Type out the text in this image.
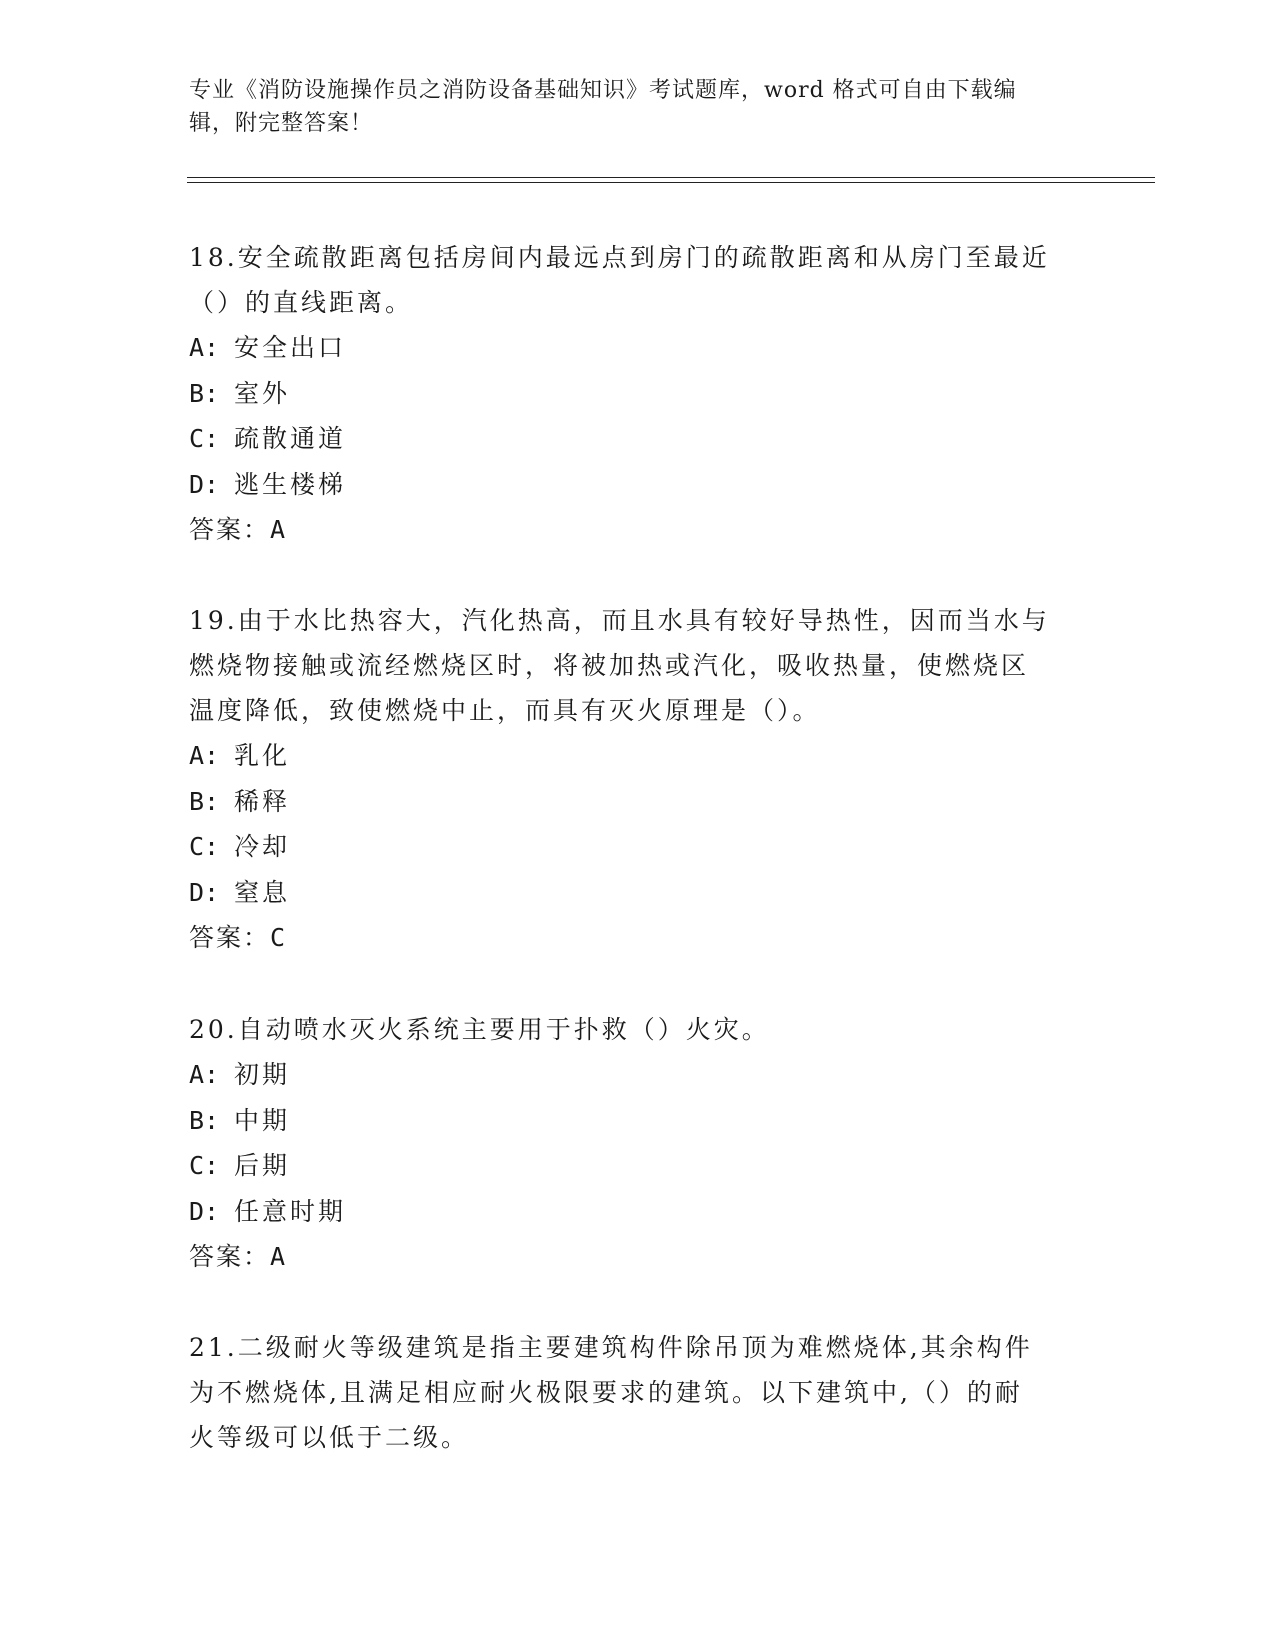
专业《消防设施操作员之消防设备基础知识》考试题库，word 格式可自由下载编
辑，附完整答案！
18.安全疏散距离包括房间内最远点到房门的疏散距离和从房门至最近
（）的直线距离。
A: 安全出口
B: 室外
C: 疏散通道
D: 逃生楼梯
答案：A
19.由于水比热容大，汽化热高，而且水具有较好导热性，因而当水与
燃烧物接触或流经燃烧区时，将被加热或汽化，吸收热量，使燃烧区
温度降低，致使燃烧中止，而具有灭火原理是（）。
A: 乳化
B: 稀释
C: 冷却
D: 窒息
答案：C
20.自动喷水灭火系统主要用于扑救（）火灾。
A: 初期
B: 中期
C: 后期
D: 任意时期
答案：A
21.二级耐火等级建筑是指主要建筑构件除吊顶为难燃烧体,其余构件
为不燃烧体,且满足相应耐火极限要求的建筑。以下建筑中,（）的耐
火等级可以低于二级。
